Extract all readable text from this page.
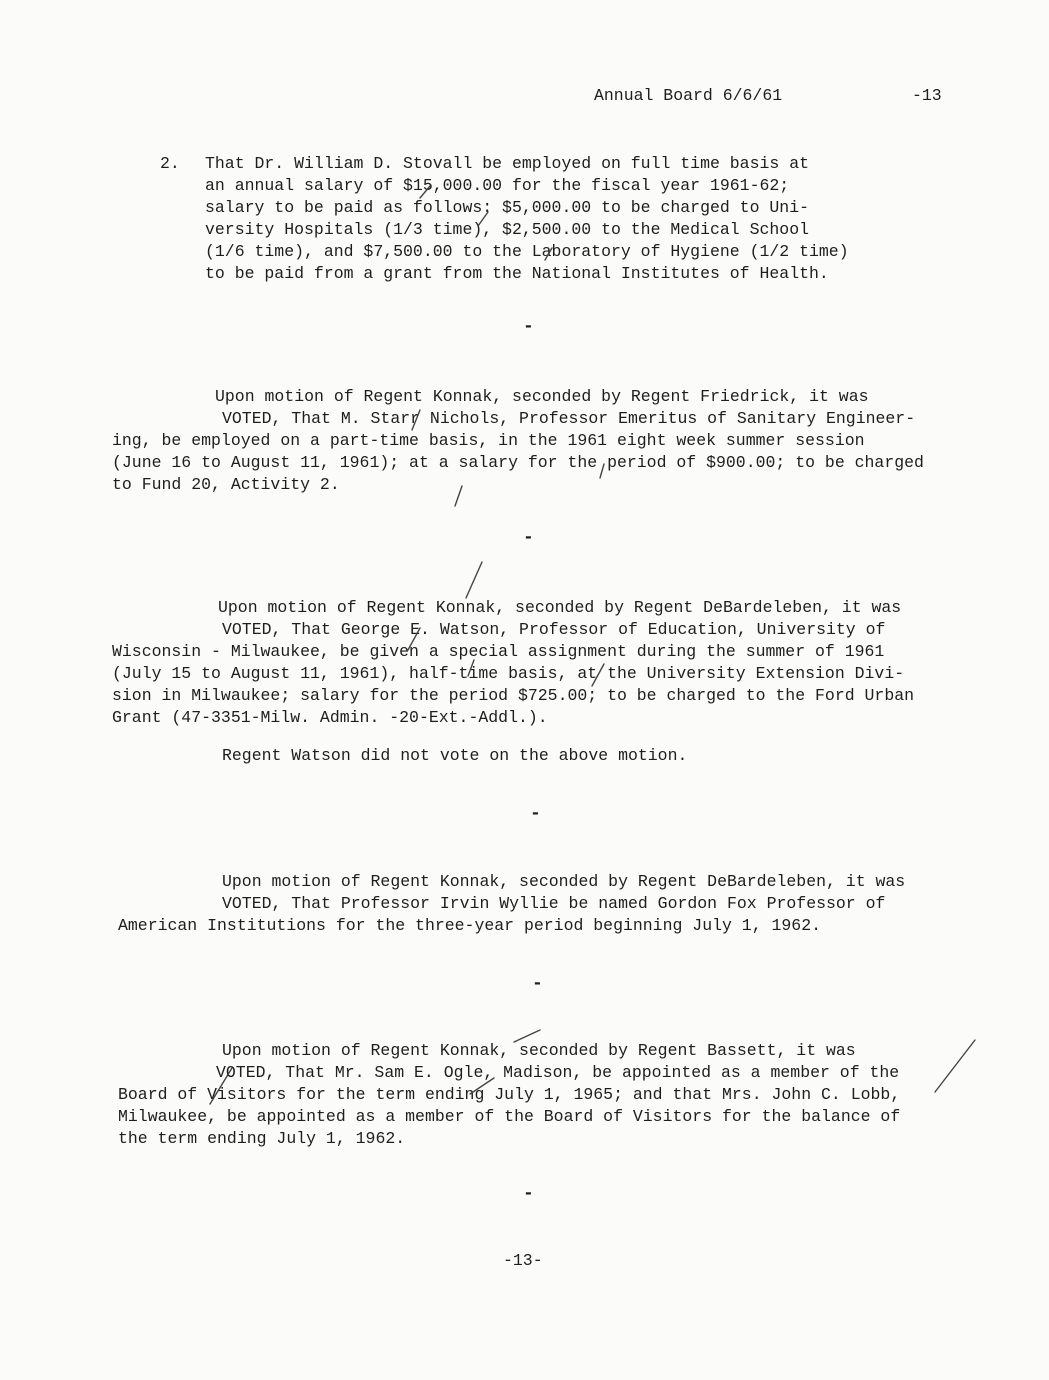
Annual Board 6/6/61	-13
2. That Dr. William D. Stovall be employed on full time basis at
an annual salary of $15,000.00 for the fiscal year 1961-62;
salary to be paid as follows: $5,000.00 to be charged to Uni-
versity Hospitals (1/3 time), $2,500.00 to the Medical School
(1/6 time), and $7,500.00 to the Laboratory of Hygiene (1/2 time)
to be paid from a grant from the National Institutes of Health.
-
Upon motion of Regent Konnak, seconded by Regent Friedrick, it was
VOTED, That M. Starr Nichols, Professor Emeritus of Sanitary Engineer-
ing, be employed on a part-time basis, in the 1961 eight week summer session
(June 16 to August 11, 1961); at a salary for the period of $900.00; to be charged
to Fund 20, Activity 2.
-
Upon motion of Regent Konnak, seconded by Regent DeBardeleben, it was
VOTED, That George E. Watson, Professor of Education, University of
Wisconsin - Milwaukee, be given a special assignment during the summer of 1961
(July 15 to August 11, 1961), half-time basis, at the University Extension Divi-
sion in Milwaukee; salary for the period $725.00; to be charged to the Ford Urban
Grant (47-3351-Milw. Admin. -20-Ext.-Addl.).
Regent Watson did not vote on the above motion.
-
Upon motion of Regent Konnak, seconded by Regent DeBardeleben, it was
VOTED, That Professor Irvin Wyllie be named Gordon Fox Professor of
American Institutions for the three-year period beginning July 1, 1962.
-
Upon motion of Regent Konnak, seconded by Regent Bassett, it was
VOTED, That Mr. Sam E. Ogle, Madison, be appointed as a member of the
Board of Visitors for the term ending July 1, 1965; and that Mrs. John C. Lobb,
Milwaukee, be appointed as a member of the Board of Visitors for the balance of
the term ending July 1, 1962.
-
-13-
